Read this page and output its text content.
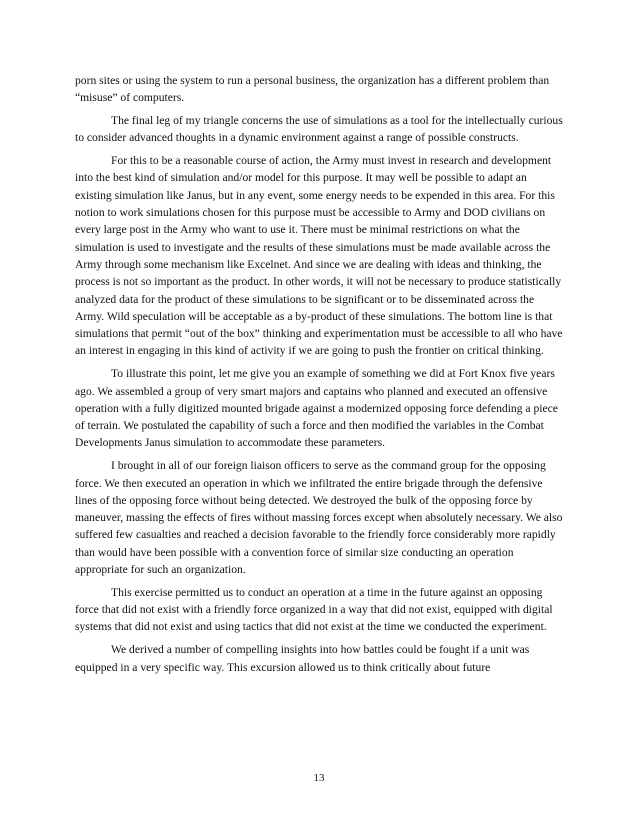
porn sites or using the system to run a personal business, the organization has a different problem than “misuse” of computers.

The final leg of my triangle concerns the use of simulations as a tool for the intellectually curious to consider advanced thoughts in a dynamic environment against a range of possible constructs.

For this to be a reasonable course of action, the Army must invest in research and development into the best kind of simulation and/or model for this purpose. It may well be possible to adapt an existing simulation like Janus, but in any event, some energy needs to be expended in this area. For this notion to work simulations chosen for this purpose must be accessible to Army and DOD civilians on every large post in the Army who want to use it. There must be minimal restrictions on what the simulation is used to investigate and the results of these simulations must be made available across the Army through some mechanism like Excelnet. And since we are dealing with ideas and thinking, the process is not so important as the product. In other words, it will not be necessary to produce statistically analyzed data for the product of these simulations to be significant or to be disseminated across the Army. Wild speculation will be acceptable as a by-product of these simulations. The bottom line is that simulations that permit “out of the box” thinking and experimentation must be accessible to all who have an interest in engaging in this kind of activity if we are going to push the frontier on critical thinking.

To illustrate this point, let me give you an example of something we did at Fort Knox five years ago. We assembled a group of very smart majors and captains who planned and executed an offensive operation with a fully digitized mounted brigade against a modernized opposing force defending a piece of terrain. We postulated the capability of such a force and then modified the variables in the Combat Developments Janus simulation to accommodate these parameters.

I brought in all of our foreign liaison officers to serve as the command group for the opposing force. We then executed an operation in which we infiltrated the entire brigade through the defensive lines of the opposing force without being detected. We destroyed the bulk of the opposing force by maneuver, massing the effects of fires without massing forces except when absolutely necessary. We also suffered few casualties and reached a decision favorable to the friendly force considerably more rapidly than would have been possible with a convention force of similar size conducting an operation appropriate for such an organization.

This exercise permitted us to conduct an operation at a time in the future against an opposing force that did not exist with a friendly force organized in a way that did not exist, equipped with digital systems that did not exist and using tactics that did not exist at the time we conducted the experiment.

We derived a number of compelling insights into how battles could be fought if a unit was equipped in a very specific way. This excursion allowed us to think critically about future

13
